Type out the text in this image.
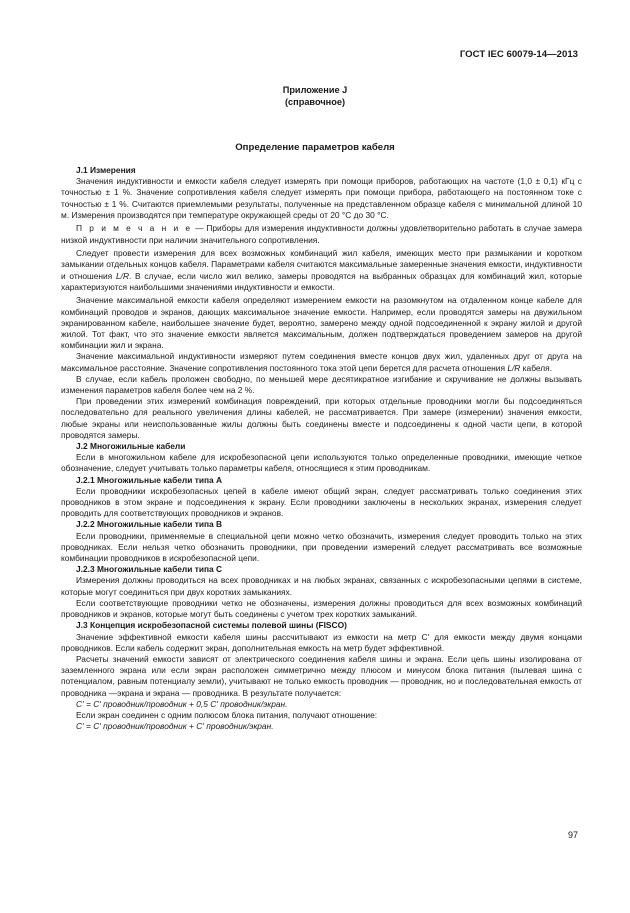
ГОСТ IEC 60079-14—2013
Приложение J
(справочное)
Определение параметров кабеля

J.1 Измерения

Значения индуктивности и емкости кабеля следует измерять при помощи приборов, работающих на частоте (1,0 ± 0,1) кГц с точностью ± 1 %. Значение сопротивления кабеля следует измерять при помощи прибора, работающего на постоянном токе с точностью ± 1 %. Считаются приемлемыми результаты, полученные на представленном образце кабеля с минимальной длиной 10 м. Измерения производятся при температуре окружающей среды от 20 °С до 30 °С.

П р и м е ч а н и е — Приборы для измерения индуктивности должны удовлетворительно работать в случае замера низкой индуктивности при наличии значительного сопротивления.

Следует провести измерения для всех возможных комбинаций жил кабеля, имеющих место при размыкании и коротком замыкании отдельных концов кабеля. Параметрами кабеля считаются максимальные замеренные значения емкости, индуктивности и отношения L/R. В случае, если число жил велико, замеры проводятся на выбранных образцах для комбинаций жил, которые характеризуются наибольшими значениями индуктивности и емкости.

Значение максимальной емкости кабеля определяют измерением емкости на разомкнутом на отдаленном конце кабеле для комбинаций проводов и экранов, дающих максимальное значение емкости. Например, если проводятся замеры на двужильном экранированном кабеле, наибольшее значение будет, вероятно, замерено между одной подсоединенной к экрану жилой и другой жилой. Тот факт, что это значение емкости является максимальным, должен подтверждаться проведением замеров на другой комбинации жил и экрана.

Значение максимальной индуктивности измеряют путем соединения вместе концов двух жил, удаленных друг от друга на максимальное расстояние. Значение сопротивления постоянного тока этой цепи берется для расчета отношения L/R кабеля.

В случае, если кабель проложен свободно, по меньшей мере десятикратное изгибание и скручивание не должны вызывать изменения параметров кабеля более чем на 2 %.

При проведении этих измерений комбинация повреждений, при которых отдельные проводники могли бы подсоединяться последовательно для реального увеличения длины кабелей, не рассматривается. При замере (измерении) значения емкости, любые экраны или неиспользованные жилы должны быть соединены вместе и подсоединены к одной части цепи, в которой проводятся замеры.

J.2 Многожильные кабели

Если в многожильном кабеле для искробезопасной цепи используются только определенные проводники, имеющие четкое обозначение, следует учитывать только параметры кабеля, относящиеся к этим проводникам.

J.2.1 Многожильные кабели типа А

Если проводники искробезопасных цепей в кабеле имеют общий экран, следует рассматривать только соединения этих проводников в этом экране и подсоединения к экрану. Если проводники заключены в нескольких экранах, измерения следует проводить для соответствующих проводников и экранов.

J.2.2 Многожильные кабели типа В

Если проводники, применяемые в специальной цепи можно четко обозначить, измерения следует проводить только на этих проводниках. Если нельзя четко обозначить проводники, при проведении измерений следует рассматривать все возможные комбинации проводников в искробезопасной цепи.

J.2.3 Многожильные кабели типа С

Измерения должны проводиться на всех проводниках и на любых экранах, связанных с искробезопасными цепями в системе, которые могут соединиться при двух коротких замыканиях.

Если соответствующие проводники четко не обозначены, измерения должны проводиться для всех возможных комбинаций проводников и экранов, которые могут быть соединены с учетом трех коротких замыканий.

J.3 Концепция искробезопасной системы полевой шины (FISCO)

Значение эффективной емкости кабеля шины рассчитывают из емкости на метр С' для емкости между двумя концами проводников. Если кабель содержит экран, дополнительная емкость на метр будет эффективной.

Расчеты значений емкости зависят от электрического соединения кабеля шины и экрана. Если цепь шины изолирована от заземленного экрана или если экран расположен симметрично между плюсом и минусом блока питания (пылевая шина с потенциалом, равным потенциалу земли), учитывают не только емкость проводник — проводник, но и последовательная емкость от проводника —экрана и экрана — проводника. В результате получается:

С' = С' проводник/проводник + 0,5 С' проводник/экран.

Если экран соединен с одним полюсом блока питания, получают отношение:

С' = С' проводник/проводник + С' проводник/экран.

97
